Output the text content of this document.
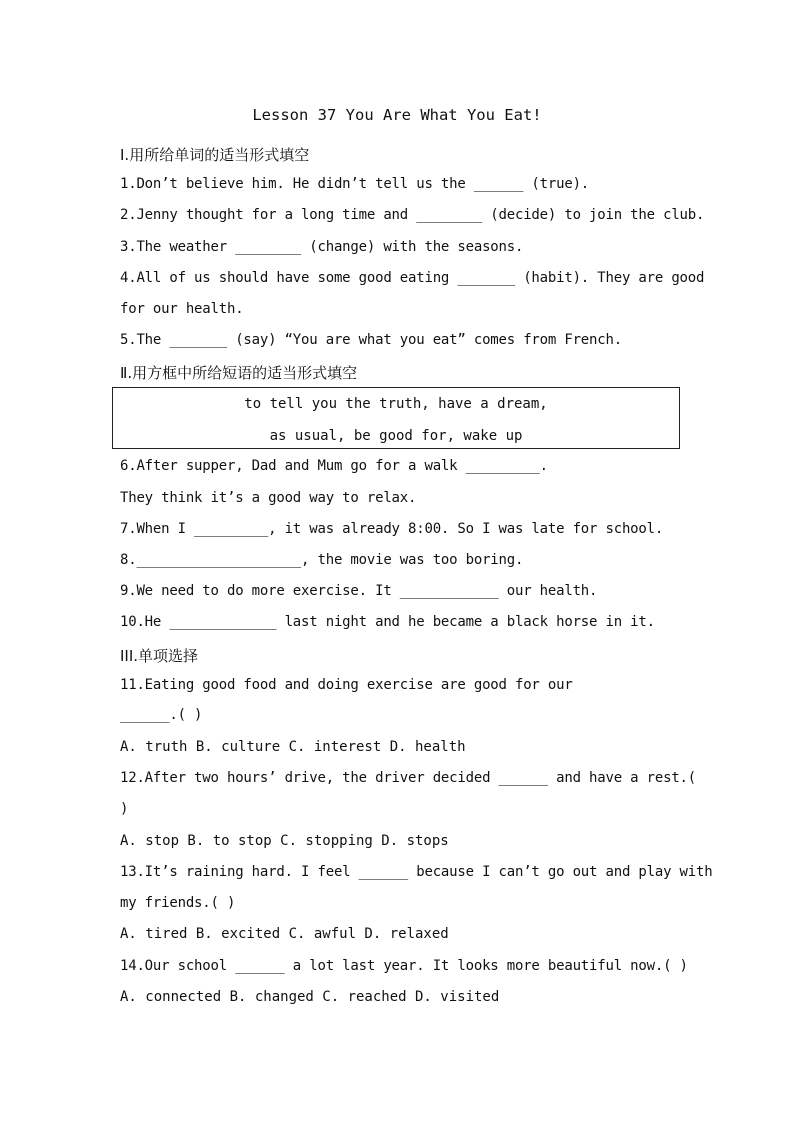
Lesson 37 You Are What You Eat!
Ⅰ.用所给单词的适当形式填空
1.Don’t believe him. He didn’t tell us the ______ (true).
2.Jenny thought for a long time and ________ (decide) to join the club.
3.The weather ________ (change) with the seasons.
4.All of us should have some good eating _______ (habit). They are good
for our health.
5.The _______ (say) “You are what you eat” comes from French.
Ⅱ.用方框中所给短语的适当形式填空
to tell you the truth, have a dream,
as usual, be good for, wake up
6.After supper, Dad and Mum go for a walk _________.
They think it’s a good way to relax.
7.When I _________, it was already 8:00. So I was late for school.
8.____________________, the movie was too boring.
9.We need to do more exercise. It ____________ our health.
10.He _____________ last night and he became a black horse in it.
III.单项选择
11.Eating good food and doing exercise are good for our
______.( )
A. truth B. culture C. interest D. health
12.After two hours’ drive, the driver decided ______ and have a rest.(
)
A. stop B. to stop C. stopping D. stops
13.It’s raining hard. I feel ______ because I can’t go out and play with
my friends.( )
A. tired B. excited C. awful D. relaxed
14.Our school ______ a lot last year. It looks more beautiful now.( )
A. connected B. changed C. reached D. visited
